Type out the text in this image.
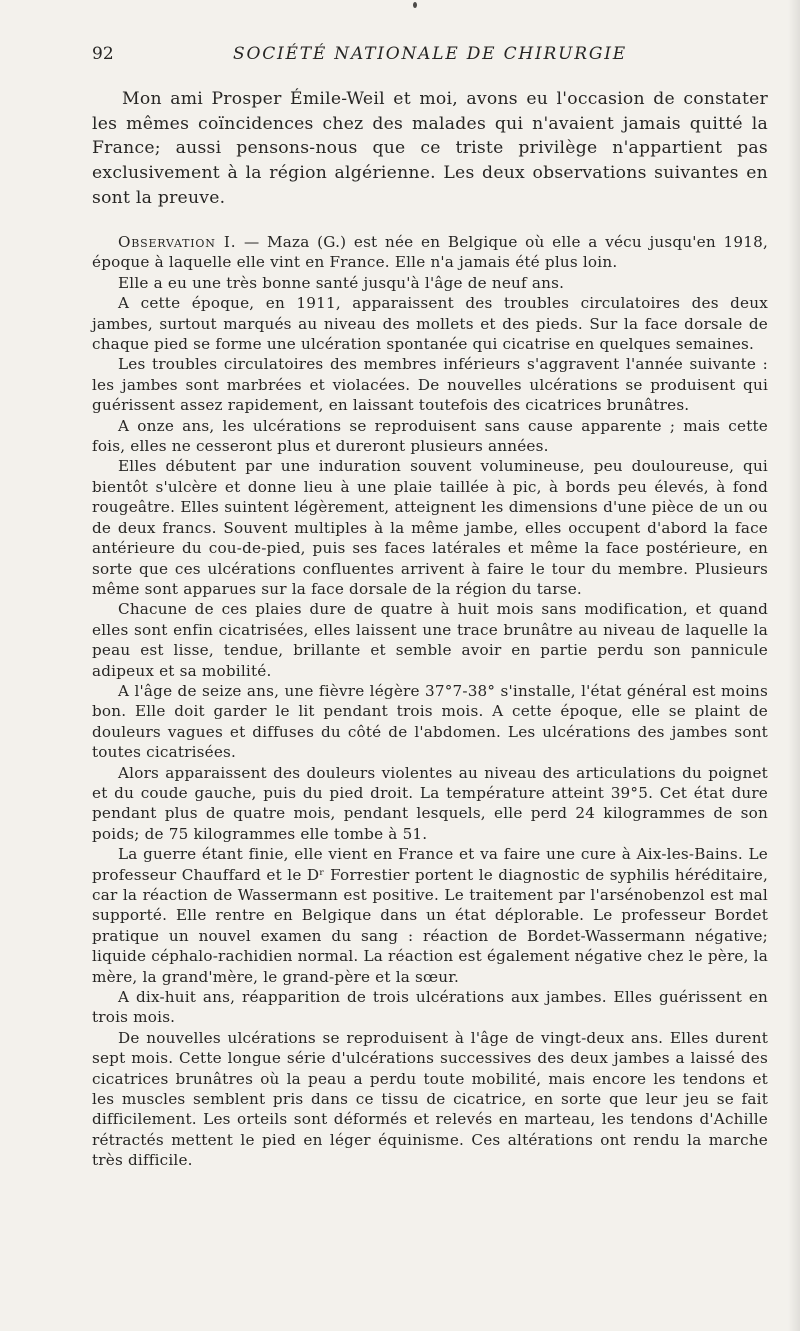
92	SOCIÉTÉ NATIONALE DE CHIRURGIE

Mon ami Prosper Émile-Weil et moi, avons eu l'occasion de constater les mêmes coïncidences chez des malades qui n'avaient jamais quitté la France; aussi pensons-nous que ce triste privilège n'appartient pas exclusivement à la région algérienne. Les deux observations suivantes en sont la preuve.

Observation I. — Maza (G.) est née en Belgique où elle a vécu jusqu'en 1918, époque à laquelle elle vint en France. Elle n'a jamais été plus loin.

Elle a eu une très bonne santé jusqu'à l'âge de neuf ans.

A cette époque, en 1911, apparaissent des troubles circulatoires des deux jambes, surtout marqués au niveau des mollets et des pieds. Sur la face dorsale de chaque pied se forme une ulcération spontanée qui cicatrise en quelques semaines.

Les troubles circulatoires des membres inférieurs s'aggravent l'année suivante : les jambes sont marbrées et violacées. De nouvelles ulcérations se produisent qui guérissent assez rapidement, en laissant toutefois des cicatrices brunâtres.

A onze ans, les ulcérations se reproduisent sans cause apparente ; mais cette fois, elles ne cesseront plus et dureront plusieurs années.

Elles débutent par une induration souvent volumineuse, peu douloureuse, qui bientôt s'ulcère et donne lieu à une plaie taillée à pic, à bords peu élevés, à fond rougeâtre. Elles suintent légèrement, atteignent les dimensions d'une pièce de un ou de deux francs. Souvent multiples à la même jambe, elles occupent d'abord la face antérieure du cou-de-pied, puis ses faces latérales et même la face postérieure, en sorte que ces ulcérations confluentes arrivent à faire le tour du membre. Plusieurs même sont apparues sur la face dorsale de la région du tarse.

Chacune de ces plaies dure de quatre à huit mois sans modification, et quand elles sont enfin cicatrisées, elles laissent une trace brunâtre au niveau de laquelle la peau est lisse, tendue, brillante et semble avoir en partie perdu son pannicule adipeux et sa mobilité.

A l'âge de seize ans, une fièvre légère 37°7-38° s'installe, l'état général est moins bon. Elle doit garder le lit pendant trois mois. A cette époque, elle se plaint de douleurs vagues et diffuses du côté de l'abdomen. Les ulcérations des jambes sont toutes cicatrisées.

Alors apparaissent des douleurs violentes au niveau des articulations du poignet et du coude gauche, puis du pied droit. La température atteint 39°5. Cet état dure pendant plus de quatre mois, pendant lesquels, elle perd 24 kilogrammes de son poids; de 75 kilogrammes elle tombe à 51.

La guerre étant finie, elle vient en France et va faire une cure à Aix-les-Bains. Le professeur Chauffard et le Dʳ Forrestier portent le diagnostic de syphilis héréditaire, car la réaction de Wassermann est positive. Le traitement par l'arsénobenzol est mal supporté. Elle rentre en Belgique dans un état déplorable. Le professeur Bordet pratique un nouvel examen du sang : réaction de Bordet-Wassermann négative; liquide céphalo-rachidien normal. La réaction est également négative chez le père, la mère, la grand'mère, le grand-père et la sœur.

A dix-huit ans, réapparition de trois ulcérations aux jambes. Elles guérissent en trois mois.

De nouvelles ulcérations se reproduisent à l'âge de vingt-deux ans. Elles durent sept mois. Cette longue série d'ulcérations successives des deux jambes a laissé des cicatrices brunâtres où la peau a perdu toute mobilité, mais encore les tendons et les muscles semblent pris dans ce tissu de cicatrice, en sorte que leur jeu se fait difficilement. Les orteils sont déformés et relevés en marteau, les tendons d'Achille rétractés mettent le pied en léger équinisme. Ces altérations ont rendu la marche très difficile.
